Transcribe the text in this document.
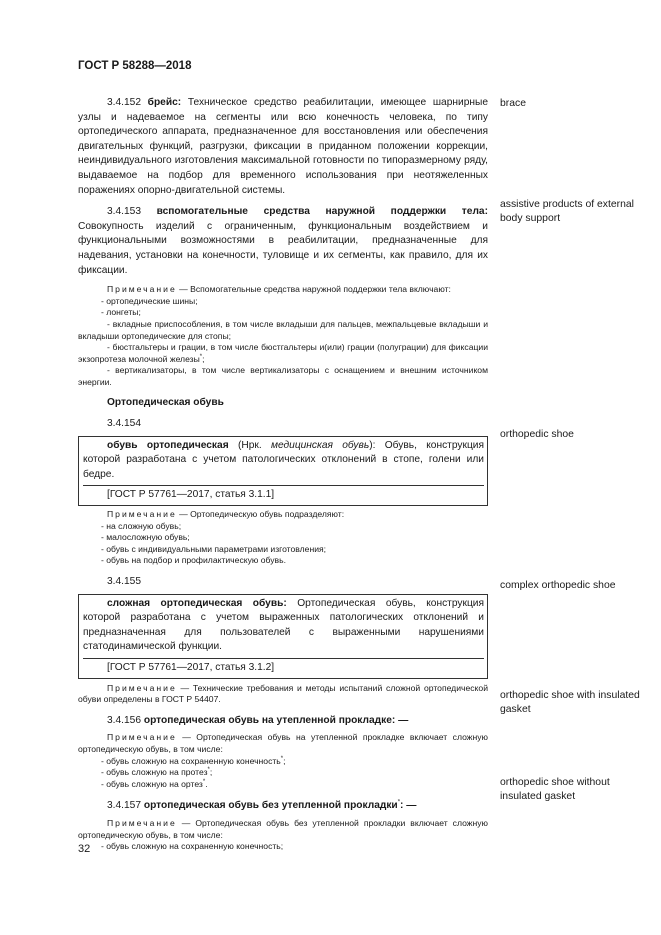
ГОСТ Р 58288—2018
brace
assistive products of external body support
orthopedic shoe
complex orthopedic shoe
orthopedic shoe with insulated gasket
orthopedic shoe without insulated gasket

3.4.152 брейс: Техническое средство реабилитации, имеющее шарнирные узлы и надеваемое на сегменты или всю конечность человека, по типу ортопедического аппарата, предназначенное для восстановления или обеспечения двигательных функций, разгрузки, фиксации в приданном положении коррекции, неиндивидуального изготовления максимальной готовности по типоразмерному ряду, выдаваемое на подбор для временного использования при неотяжеленных поражениях опорно-двигательной системы.

3.4.153 вспомогательные средства наружной поддержки тела: Совокупность изделий с ограниченным, функциональным воздействием и функциональными возможностями в реабилитации, предназначенные для надевания, установки на конечности, туловище и их сегменты, как правило, для их фиксации.

Примечание — Вспомогательные средства наружной поддержки тела включают:

- ортопедические шины;

- лонгеты;

- вкладные приспособления, в том числе вкладыши для пальцев, межпальцевые вкладыши и вкладыши ортопедические для стопы;

- бюстгальтеры и грации, в том числе бюстгальтеры и(или) грации (полуграции) для фиксации экзопротеза молочной железы*;

- вертикализаторы, в том числе вертикализаторы с оснащением и внешним источником энергии.

Ортопедическая обувь
3.4.154

обувь ортопедическая (Нрк. медицинская обувь): Обувь, конструкция которой разработана с учетом патологических отклонений в стопе, голени или бедре.

[ГОСТ Р 57761—2017, статья 3.1.1]

Примечание — Ортопедическую обувь подразделяют:

- на сложную обувь;

- малосложную обувь;

- обувь с индивидуальными параметрами изготовления;

- обувь на подбор и профилактическую обувь.

3.4.155

сложная ортопедическая обувь: Ортопедическая обувь, конструкция которой разработана с учетом выраженных патологических отклонений и предназначенная для пользователей с выраженными нарушениями статодинамической функции.

[ГОСТ Р 57761—2017, статья 3.1.2]

Примечание — Технические требования и методы испытаний сложной ортопедической обуви определены в ГОСТ Р 54407.

3.4.156 ортопедическая обувь на утепленной прокладке: —

Примечание — Ортопедическая обувь на утепленной прокладке включает сложную ортопедическую обувь, в том числе:

- обувь сложную на сохраненную конечность*;

- обувь сложную на протез*;

- обувь сложную на ортез*.

3.4.157 ортопедическая обувь без утепленной прокладки*: —

Примечание — Ортопедическая обувь без утепленной прокладки включает сложную ортопедическую обувь, в том числе:

- обувь сложную на сохраненную конечность;

32
